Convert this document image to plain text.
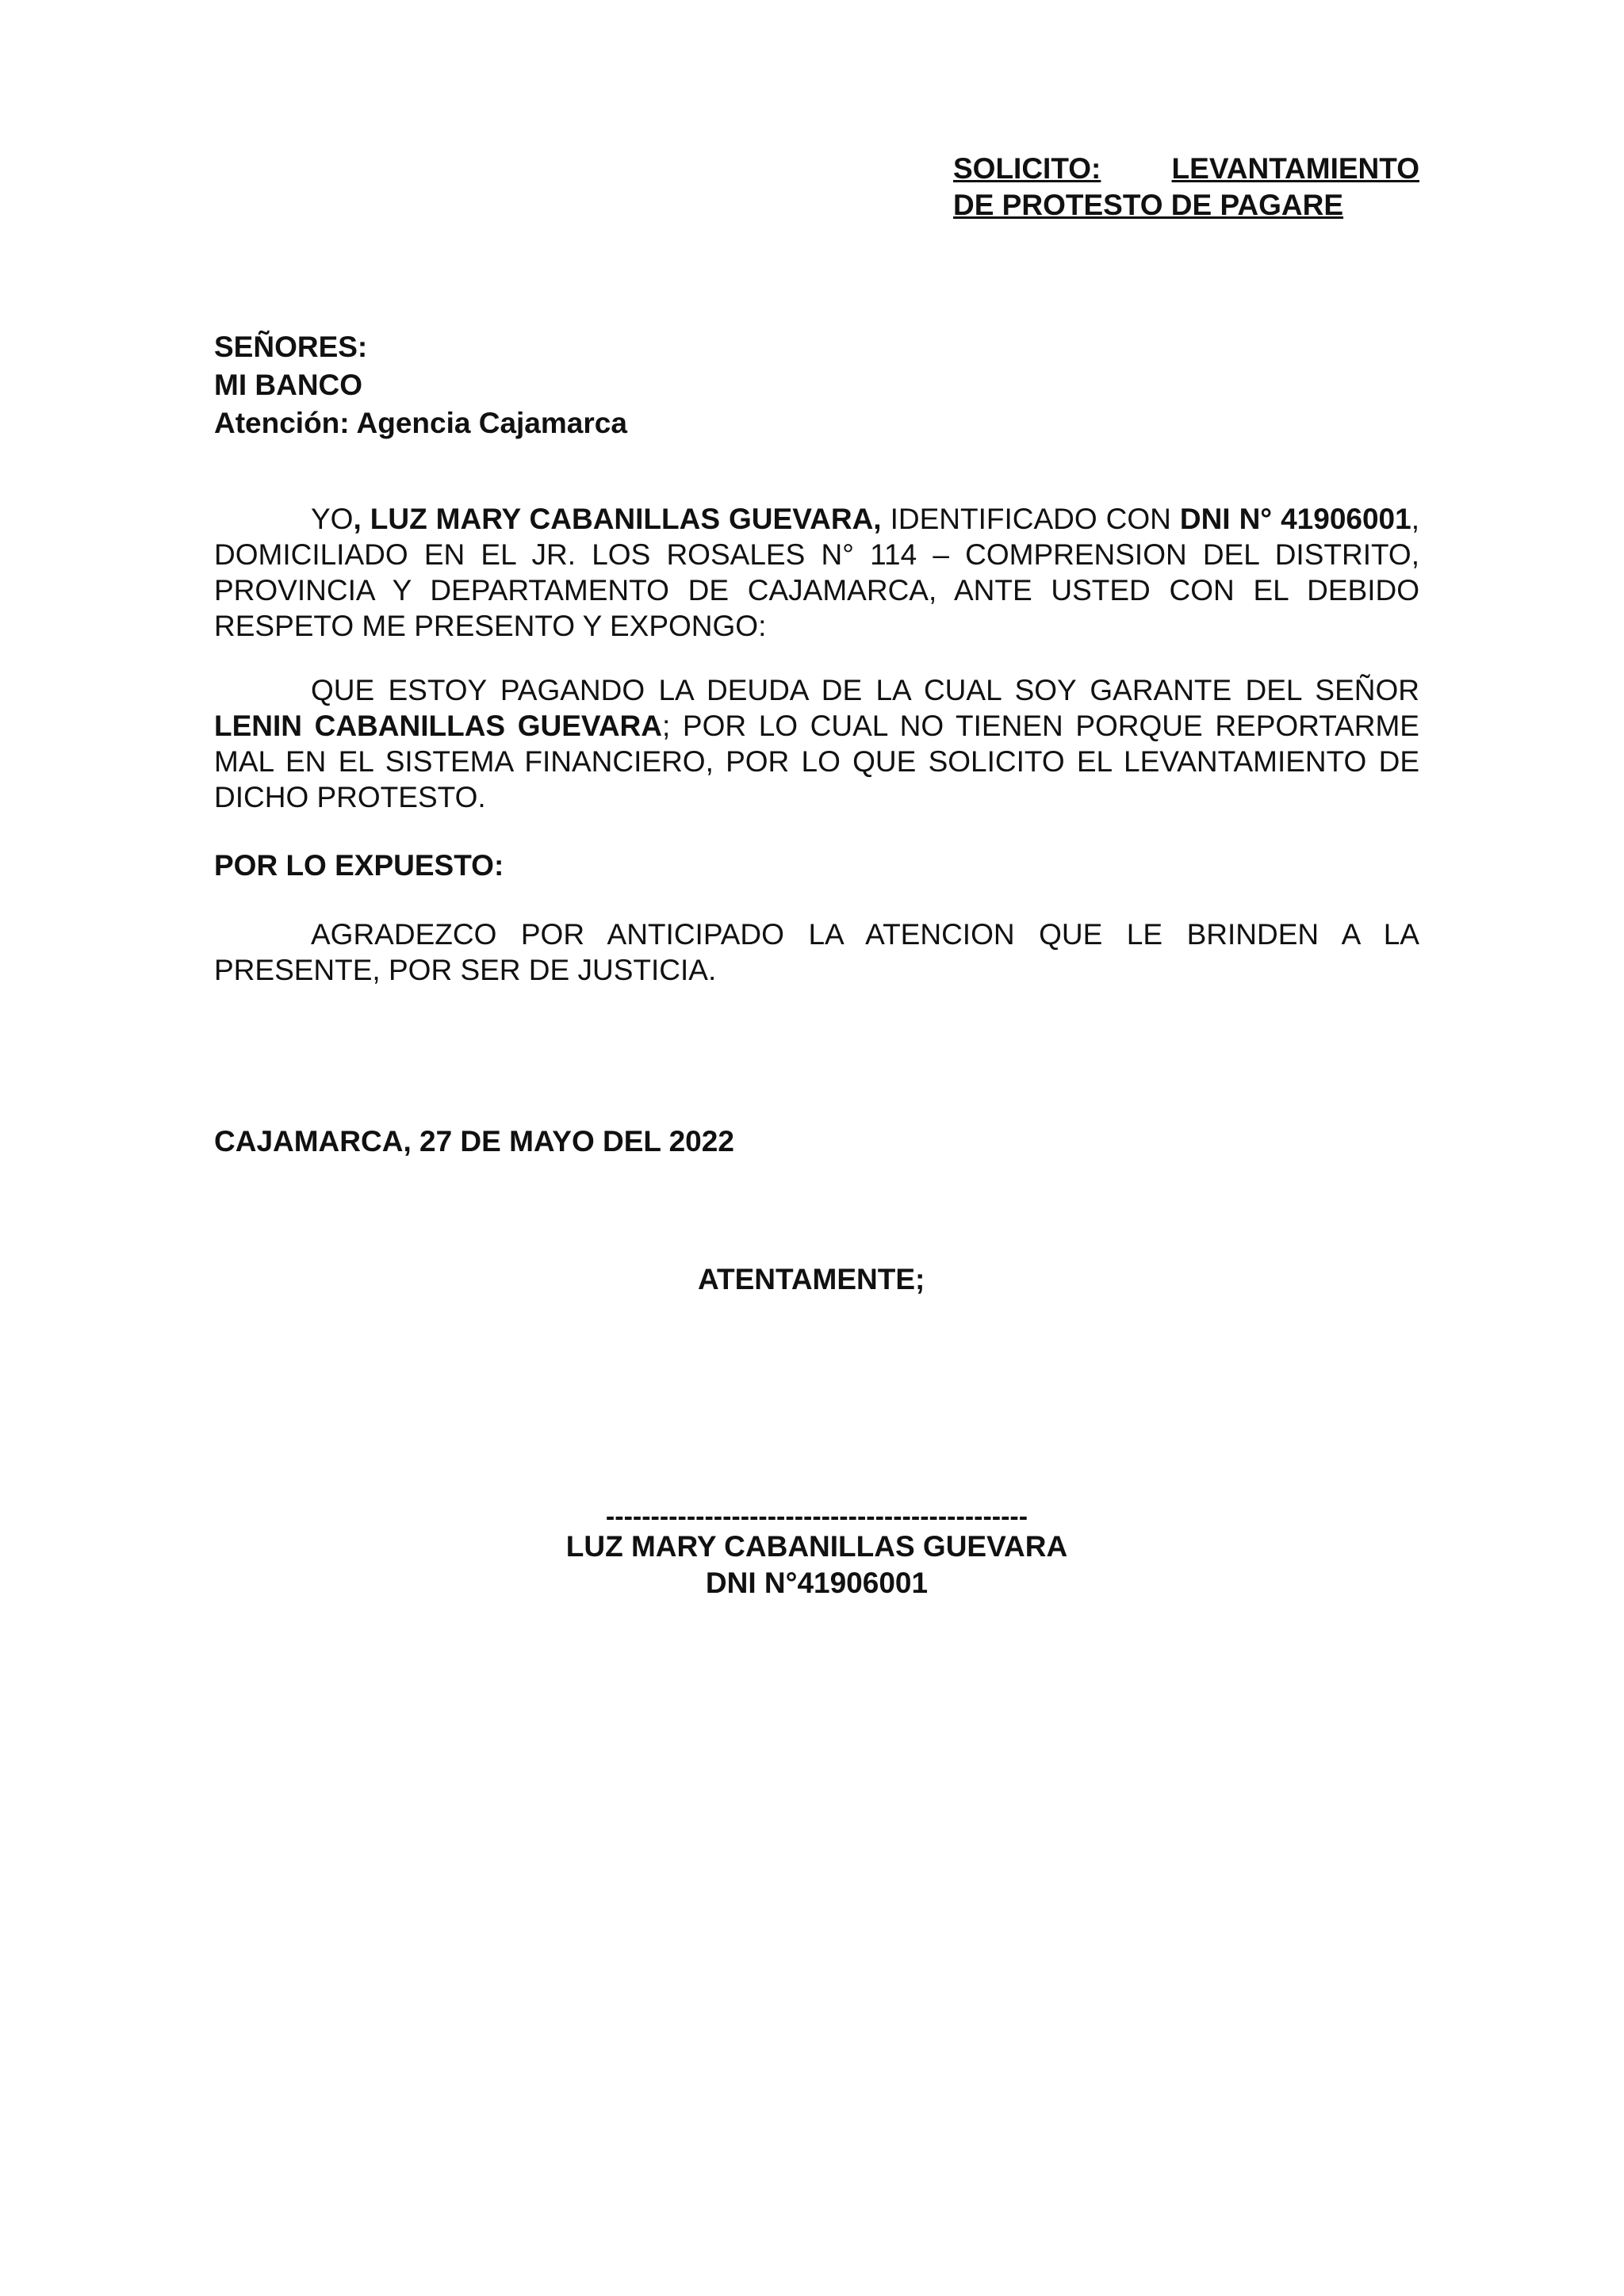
SOLICITO: LEVANTAMIENTO
DE PROTESTO DE PAGARE
SEÑORES:
MI BANCO
Atención: Agencia Cajamarca
YO, LUZ MARY CABANILLAS GUEVARA, IDENTIFICADO CON DNI N° 41906001, DOMICILIADO EN EL JR. LOS ROSALES N° 114 – COMPRENSION DEL DISTRITO, PROVINCIA Y DEPARTAMENTO DE CAJAMARCA, ANTE USTED CON EL DEBIDO RESPETO ME PRESENTO Y EXPONGO:
QUE ESTOY PAGANDO LA DEUDA DE LA CUAL SOY GARANTE DEL SEÑOR LENIN CABANILLAS GUEVARA; POR LO CUAL NO TIENEN PORQUE REPORTARME MAL EN EL SISTEMA FINANCIERO, POR LO QUE SOLICITO EL LEVANTAMIENTO DE DICHO PROTESTO.
POR LO EXPUESTO:
AGRADEZCO POR ANTICIPADO LA ATENCION QUE LE BRINDEN A LA PRESENTE, POR SER DE JUSTICIA.
CAJAMARCA, 27 DE MAYO DEL 2022
ATENTAMENTE;
-----------------------------------------------
LUZ MARY CABANILLAS GUEVARA
DNI N°41906001
